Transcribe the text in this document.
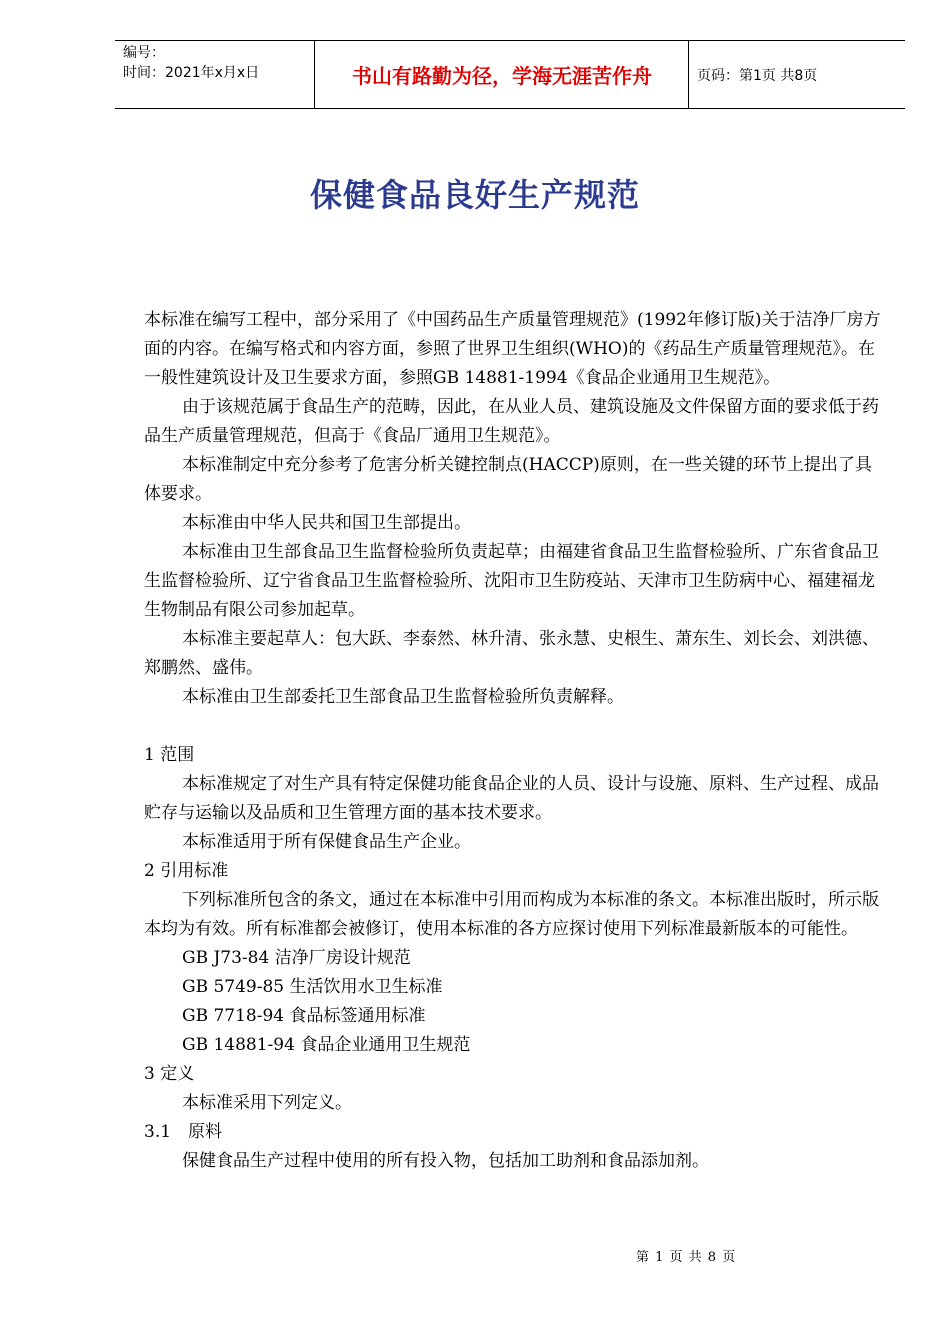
编号：
时间：2021年x月x日	书山有路勤为径，学海无涯苦作舟	页码：第1页 共8页
保健食品良好生产规范

本标准在编写工程中，部分采用了《中国药品生产质量管理规范》(1992年修订版)关于洁净厂房方面的内容。在编写格式和内容方面，参照了世界卫生组织(WHO)的《药品生产质量管理规范》。在一般性建筑设计及卫生要求方面，参照GB 14881-1994《食品企业通用卫生规范》。

由于该规范属于食品生产的范畴，因此，在从业人员、建筑设施及文件保留方面的要求低于药品生产质量管理规范，但高于《食品厂通用卫生规范》。

本标准制定中充分参考了危害分析关键控制点(HACCP)原则，在一些关键的环节上提出了具体要求。

本标准由中华人民共和国卫生部提出。

本标准由卫生部食品卫生监督检验所负责起草；由福建省食品卫生监督检验所、广东省食品卫生监督检验所、辽宁省食品卫生监督检验所、沈阳市卫生防疫站、天津市卫生防病中心、福建福龙生物制品有限公司参加起草。

本标准主要起草人：包大跃、李泰然、林升清、张永慧、史根生、萧东生、刘长会、刘洪德、郑鹏然、盛伟。

本标准由卫生部委托卫生部食品卫生监督检验所负责解释。

1 范围

本标准规定了对生产具有特定保健功能食品企业的人员、设计与设施、原料、生产过程、成品贮存与运输以及品质和卫生管理方面的基本技术要求。

本标准适用于所有保健食品生产企业。

2 引用标准

下列标准所包含的条文，通过在本标准中引用而构成为本标准的条文。本标准出版时，所示版本均为有效。所有标准都会被修订，使用本标准的各方应探讨使用下列标准最新版本的可能性。

GB J73-84 洁净厂房设计规范

GB 5749-85 生活饮用水卫生标准

GB 7718-94 食品标签通用标准

GB 14881-94 食品企业通用卫生规范

3 定义

本标准采用下列定义。

3.1 原料

保健食品生产过程中使用的所有投入物，包括加工助剂和食品添加剂。

第 1 页 共 8 页
